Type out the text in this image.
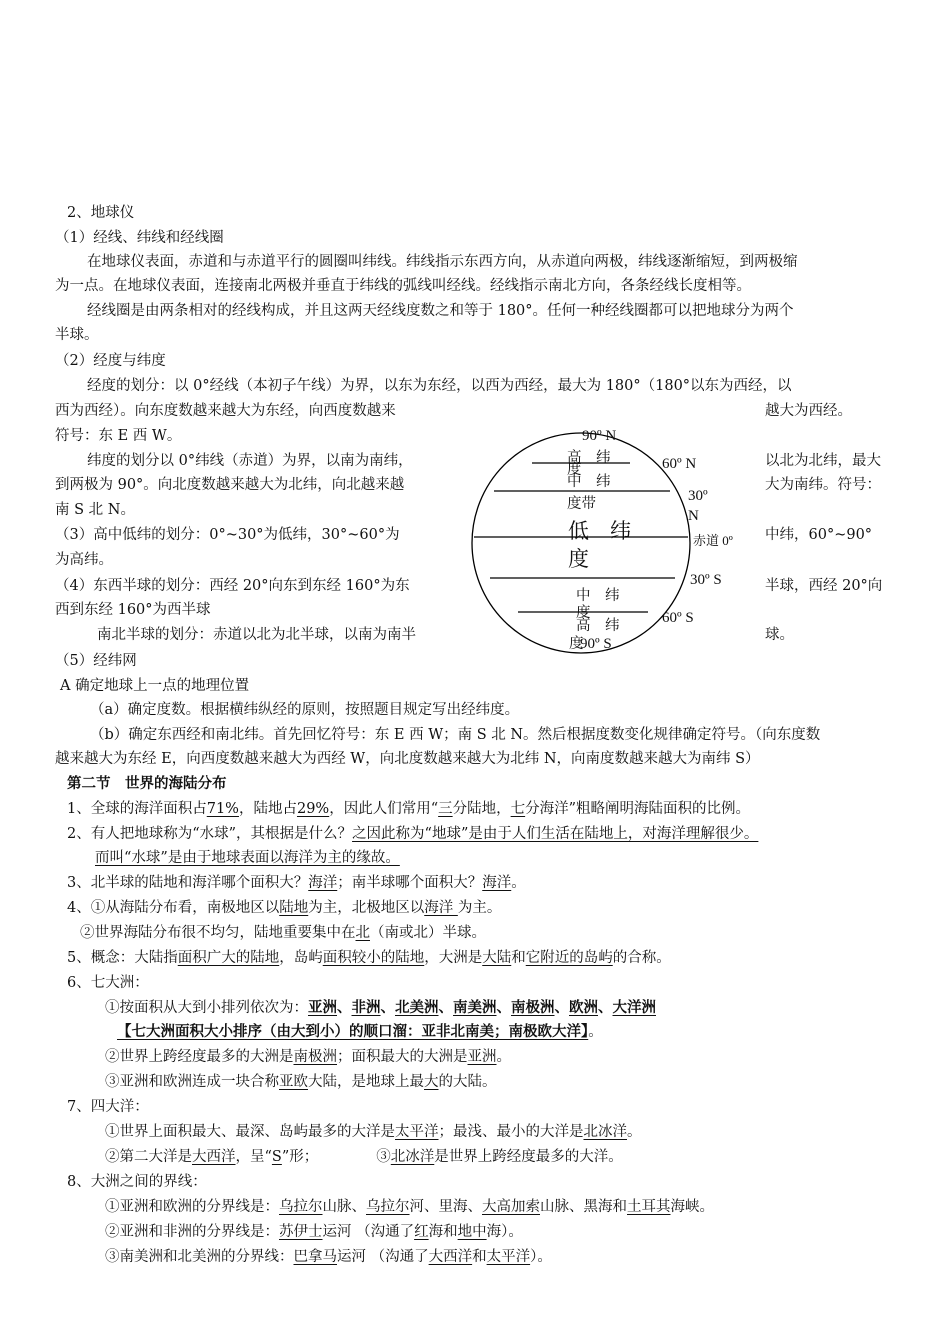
2、地球仪
（1）经线、纬线和经线圈
在地球仪表面，赤道和与赤道平行的圆圈叫纬线。纬线指示东西方向，从赤道向两极，纬线逐渐缩短，到两极缩
为一点。在地球仪表面，连接南北两极并垂直于纬线的弧线叫经线。经线指示南北方向，各条经线长度相等。
经线圈是由两条相对的经线构成，并且这两天经线度数之和等于 180°。任何一种经线圈都可以把地球分为两个
半球。
（2）经度与纬度
经度的划分：以 0°经线（本初子午线）为界，以东为东经，以西为西经，最大为 180°（180°以东为西经，以
西为西经）。向东度数越来越大为东经，向西度数越来	越大为西经。
符号：东 E 西 W。
纬度的划分以 0°纬线（赤道）为界，以南为南纬，	以北为北纬，最大
到两极为 90°。向北度数越来越大为北纬，向北越来越	大为南纬。符号：
南 S 北 N。
（3）高中低纬的划分：0°~30°为低纬，30°~60°为	中纬，60°~90°
为高纬。
（4）东西半球的划分：西经 20°向东到东经 160°为东	半球，西经 20°向
西到东经 160°为西半球
南北半球的划分：赤道以北为北半球，以南为南半	球。
（5）经纬网
A 确定地球上一点的地理位置
（a）确定度数。根据横纬纵经的原则，按照题目规定写出经纬度。
（b）确定东西经和南北纬。首先回忆符号：东 E 西 W；南 S 北 N。然后根据度数变化规律确定符号。（向东度数
越来越大为东经 E，向西度数越来越大为西经 W，向北度数越来越大为北纬 N，向南度数越来越大为南纬 S）
90º N
60º N
30º
N
赤道 0º
30º S
60º S
90º S
高　纬
中　纬
度
度带
低　纬
度
中　纬
度
高　纬
度
第二节　世界的海陆分布
1、全球的海洋面积占71%，陆地占29%，因此人们常用“三分陆地，七分海洋”粗略阐明海陆面积的比例。
2、有人把地球称为“水球”，其根据是什么？之因此称为“地球”是由于人们生活在陆地上，对海洋理解很少。
而叫“水球”是由于地球表面以海洋为主的缘故。
3、北半球的陆地和海洋哪个面积大？海洋；南半球哪个面积大？海洋。
4、①从海陆分布看，南极地区以陆地为主，北极地区以海洋 为主。
②世界海陆分布很不均匀，陆地重要集中在北（南或北）半球。
5、概念：大陆指面积广大的陆地，岛屿面积较小的陆地，大洲是大陆和它附近的岛屿的合称。
6、七大洲：
①按面积从大到小排列依次为：亚洲、非洲、北美洲、南美洲、南极洲、欧洲、大洋洲
【七大洲面积大小排序（由大到小）的顺口溜：亚非北南美；南极欧大洋】。
②世界上跨经度最多的大洲是南极洲；面积最大的大洲是亚洲。
③亚洲和欧洲连成一块合称亚欧大陆，是地球上最大的大陆。
7、四大洋：
①世界上面积最大、最深、岛屿最多的大洋是太平洋；最浅、最小的大洋是北冰洋。
②第二大洋是大西洋，呈“S”形；	③北冰洋是世界上跨经度最多的大洋。
8、大洲之间的界线：
①亚洲和欧洲的分界线是：乌拉尔山脉、乌拉尔河、里海、大高加索山脉、黑海和土耳其海峡。
②亚洲和非洲的分界线是：苏伊士运河 （沟通了红海和地中海）。
③南美洲和北美洲的分界线：巴拿马运河 （沟通了大西洋和太平洋）。
